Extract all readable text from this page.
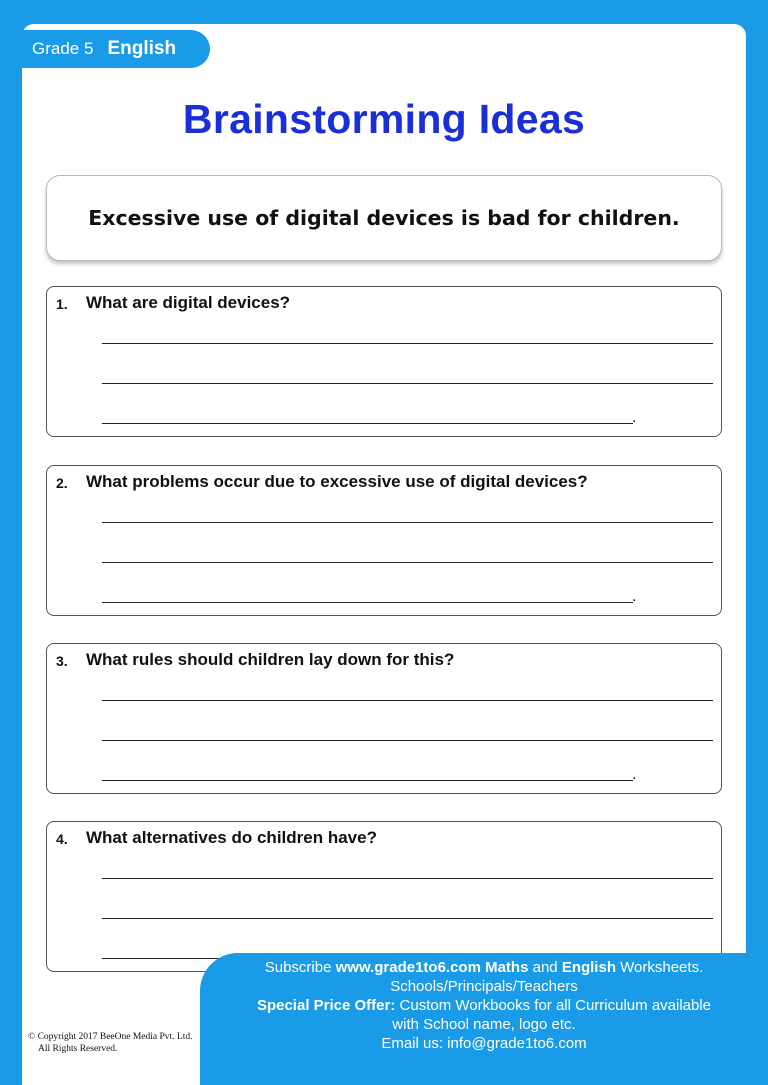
Grade 5 English
Brainstorming Ideas
Excessive use of digital devices is bad for children.
1. What are digital devices?
.
2. What problems occur due to excessive use of digital devices?
.
3. What rules should children lay down for this?
.
4. What alternatives do children have?
Subscribe www.grade1to6.com Maths and English Worksheets.
Schools/Principals/Teachers
Special Price Offer: Custom Workbooks for all Curriculum available
with School name, logo etc.
Email us: info@grade1to6.com
© Copyright 2017 BeeOne Media Pvt. Ltd.
All Rights Reserved.
